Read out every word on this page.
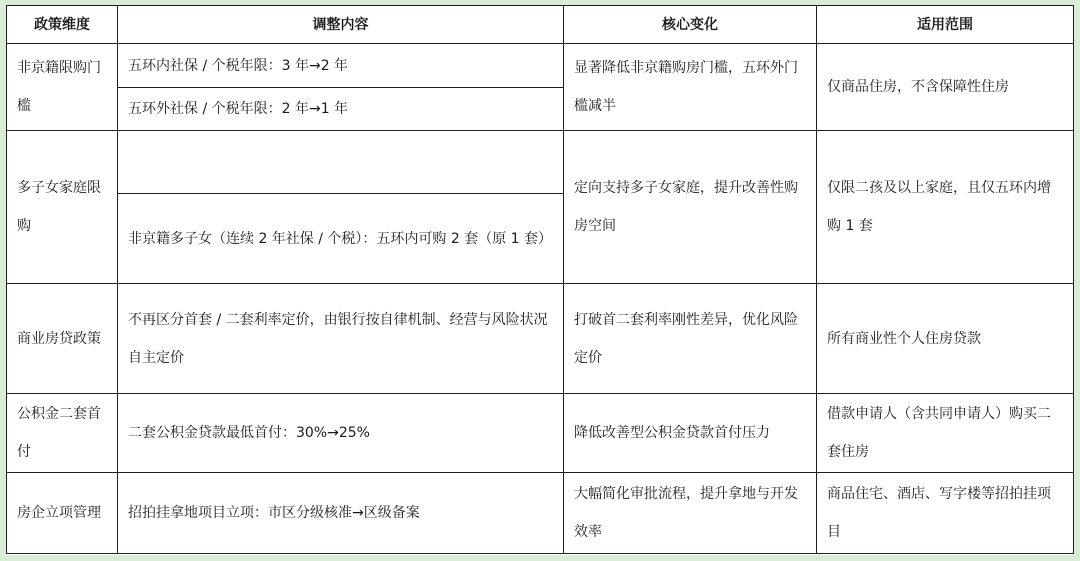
政策维度	调整内容	核心变化	适用范围
非京籍限购门槛	五环内社保 / 个税年限：3 年→2 年	显著降低非京籍购房门槛，五环外门槛减半	仅商品住房，不含保障性住房
	五环外社保 / 个税年限：2 年→1 年		
多子女家庭限购		定向支持多子女家庭，提升改善性购房空间	仅限二孩及以上家庭，且仅五环内增购 1 套
	非京籍多子女（连续 2 年社保 / 个税）：五环内可购 2 套（原 1 套）		
商业房贷政策	不再区分首套 / 二套利率定价，由银行按自律机制、经营与风险状况自主定价	打破首二套利率刚性差异，优化风险定价	所有商业性个人住房贷款
公积金二套首付	二套公积金贷款最低首付：30%→25%	降低改善型公积金贷款首付压力	借款申请人（含共同申请人）购买二套住房
房企立项管理	招拍挂拿地项目立项：市区分级核准→区级备案	大幅简化审批流程，提升拿地与开发效率	商品住宅、酒店、写字楼等招拍挂项目
